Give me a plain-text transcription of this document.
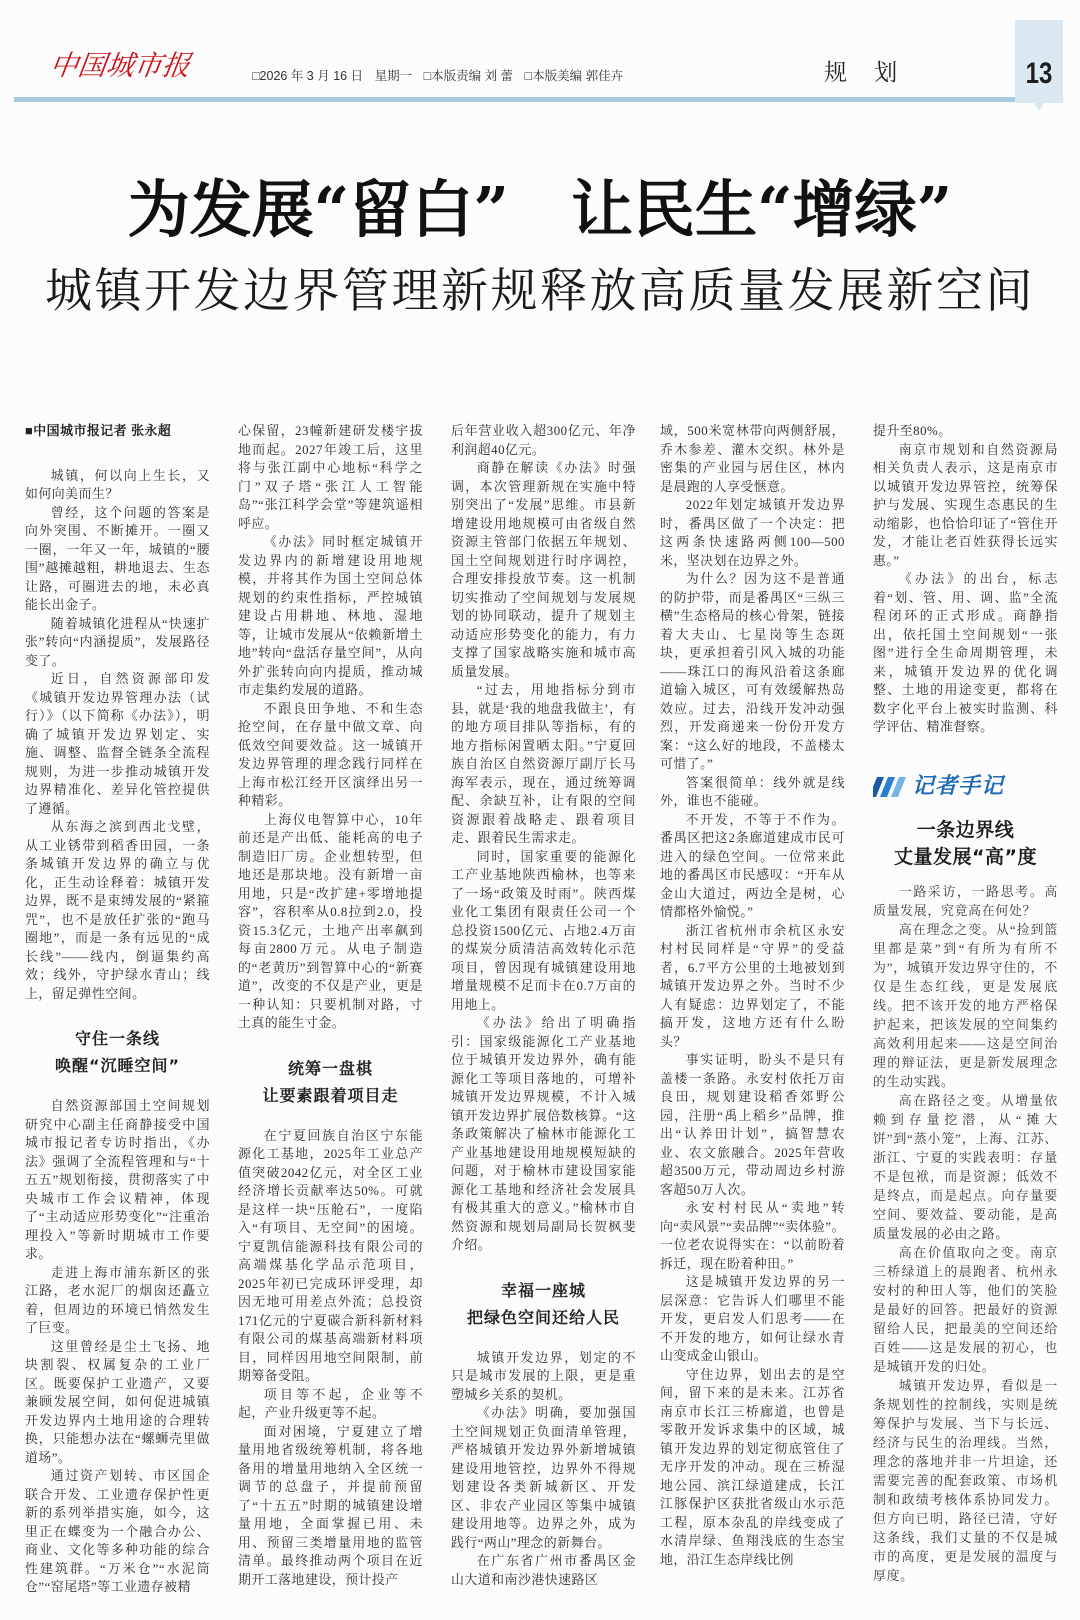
中国城市报	□2026 年 3 月 16 日 星期一 □本版责编 刘 蕾 □本版美编 郭佳卉	规 划	13
为发展“留白”　让民生“增绿”
城镇开发边界管理新规释放高质量发展新空间
■中国城市报记者 张永超

城镇，何以向上生长，又如何向美而生？

曾经，这个问题的答案是向外突围、不断摊开。一圈又一圈，一年又一年，城镇的“腰围”越摊越粗，耕地退去、生态让路，可圈进去的地，未必真能长出金子。

随着城镇化进程从“快速扩张”转向“内涵提质”，发展路径变了。

近日，自然资源部印发《城镇开发边界管理办法（试行）》（以下简称《办法》），明确了城镇开发边界划定、实施、调整、监督全链条全流程规则，为进一步推动城镇开发边界精准化、差异化管控提供了遵循。

从东海之滨到西北戈壁，从工业锈带到稻香田园，一条条城镇开发边界的确立与优化，正生动诠释着：城镇开发边界，既不是束缚发展的“紧箍咒”，也不是放任扩张的“跑马圈地”，而是一条有远见的“成长线”——线内，倒逼集约高效；线外，守护绿水青山；线上，留足弹性空间。

守住一条线
唤醒“沉睡空间”

自然资源部国土空间规划研究中心副主任商静接受中国城市报记者专访时指出，《办法》强调了全流程管理和与“十五五”规划衔接，贯彻落实了中央城市工作会议精神，体现了“主动适应形势变化”“注重治理投入”等新时期城市工作要求。

走进上海市浦东新区的张江路，老水泥厂的烟囱还矗立着，但周边的环境已悄然发生了巨变。

这里曾经是尘土飞扬、地块割裂、权属复杂的工业厂区。既要保护工业遗产，又要兼顾发展空间，如何促进城镇开发边界内土地用途的合理转换，只能想办法在“螺蛳壳里做道场”。

通过资产划转、市区国企联合开发、工业遗存保护性更新的系列举措实施，如今，这里正在蝶变为一个融合办公、商业、文化等多种功能的综合性建筑群。“万米仓”“水泥筒仓”“窑尾塔”等工业遗存被精

心保留，23幢新建研发楼宇拔地而起。2027年竣工后，这里将与张江副中心地标“科学之门”双子塔“张江人工智能岛”“张江科学会堂”等建筑遥相呼应。

《办法》同时框定城镇开发边界内的新增建设用地规模，并将其作为国土空间总体规划的约束性指标，严控城镇建设占用耕地、林地、湿地等，让城市发展从“依赖新增土地”转向“盘活存量空间”，从向外扩张转向向内提质，推动城市走集约发展的道路。

不跟良田争地、不和生态抢空间，在存量中做文章、向低效空间要效益。这一城镇开发边界管理的理念践行同样在上海市松江经开区演绎出另一种精彩。

上海仪电智算中心，10年前还是产出低、能耗高的电子制造旧厂房。企业想转型，但地还是那块地。没有新增一亩用地，只是“改扩建+零增地提容”，容积率从0.8拉到2.0，投资15.3亿元，土地产出率飙到每亩2800万元。从电子制造的“老黄历”到智算中心的“新赛道”，改变的不仅是产业，更是一种认知：只要机制对路，寸土真的能生寸金。

统筹一盘棋
让要素跟着项目走

在宁夏回族自治区宁东能源化工基地，2025年工业总产值突破2042亿元，对全区工业经济增长贡献率达50%。可就是这样一块“压舱石”，一度陷入“有项目、无空间”的困境。宁夏凯信能源科技有限公司的高端煤基化学品示范项目，2025年初已完成环评受理，却因无地可用差点外流；总投资171亿元的宁夏碳合新科新材料有限公司的煤基高端新材料项目，同样因用地空间限制，前期筹备受阻。

项目等不起，企业等不起，产业升级更等不起。

面对困境，宁夏建立了增量用地省级统筹机制，将各地备用的增量用地纳入全区统一调节的总盘子，并提前预留了“十五五”时期的城镇建设增量用地，全面掌握已用、未用、预留三类增量用地的监管清单。最终推动两个项目在近期开工落地建设，预计投产

后年营业收入超300亿元、年净利润超40亿元。

商静在解读《办法》时强调，本次管理新规在实施中特别突出了“发展”思维。市县新增建设用地规模可由省级自然资源主管部门依据五年规划、国土空间规划进行时序调控，合理安排投放节奏。这一机制切实推动了空间规划与发展规划的协同联动，提升了规划主动适应形势变化的能力，有力支撑了国家战略实施和城市高质量发展。

“过去，用地指标分到市县，就是‘我的地盘我做主’，有的地方项目排队等指标，有的地方指标闲置晒太阳。”宁夏回族自治区自然资源厅副厅长马海军表示，现在，通过统筹调配、余缺互补，让有限的空间资源跟着战略走、跟着项目走、跟着民生需求走。

同时，国家重要的能源化工产业基地陕西榆林，也等来了一场“政策及时雨”。陕西煤业化工集团有限责任公司一个总投资1500亿元、占地2.4万亩的煤炭分质清洁高效转化示范项目，曾因现有城镇建设用地增量规模不足而卡在0.7万亩的用地上。

《办法》给出了明确指引：国家级能源化工产业基地位于城镇开发边界外，确有能源化工等项目落地的，可增补城镇开发边界规模，不计入城镇开发边界扩展倍数核算。“这条政策解决了榆林市能源化工产业基地建设用地规模短缺的问题，对于榆林市建设国家能源化工基地和经济社会发展具有极其重大的意义。”榆林市自然资源和规划局副局长贺枫斐介绍。

幸福一座城
把绿色空间还给人民

城镇开发边界，划定的不只是城市发展的上限，更是重塑城乡关系的契机。

《办法》明确，要加强国土空间规划正负面清单管理，严格城镇开发边界外新增城镇建设用地管控，边界外不得规划建设各类新城新区、开发区、非农产业园区等集中城镇建设用地等。边界之外，成为践行“两山”理念的新舞台。

在广东省广州市番禺区金山大道和南沙港快速路区

域，500米宽林带向两侧舒展，乔木参差、灌木交织。林外是密集的产业园与居住区，林内是晨跑的人享受惬意。

2022年划定城镇开发边界时，番禺区做了一个决定：把这两条快速路两侧100—500米，坚决划在边界之外。

为什么？因为这不是普通的防护带，而是番禺区“三纵三横”生态格局的核心骨架，链接着大夫山、七星岗等生态斑块，更承担着引风入城的功能——珠江口的海风沿着这条廊道输入城区，可有效缓解热岛效应。过去，沿线开发冲动强烈，开发商递来一份份开发方案：“这么好的地段，不盖楼太可惜了。”

答案很简单：线外就是线外，谁也不能碰。

不开发，不等于不作为。番禺区把这2条廊道建成市民可进入的绿色空间。一位常来此地的番禺区市民感叹：“开车从金山大道过，两边全是树，心情都格外愉悦。”

浙江省杭州市余杭区永安村村民同样是“守界”的受益者，6.7平方公里的土地被划到城镇开发边界之外。当时不少人有疑虑：边界划定了，不能搞开发，这地方还有什么盼头？

事实证明，盼头不是只有盖楼一条路。永安村依托万亩良田，规划建设稻香郊野公园，注册“禹上稻乡”品牌，推出“认养田计划”，搞智慧农业、农文旅融合。2025年营收超3500万元，带动周边乡村游客超50万人次。

永安村村民从“卖地”转向“卖风景”“卖品牌”“卖体验”。一位老农说得实在：“以前盼着拆迁，现在盼着种田。”

这是城镇开发边界的另一层深意：它告诉人们哪里不能开发，更启发人们思考——在不开发的地方，如何让绿水青山变成金山银山。

守住边界，划出去的是空间，留下来的是未来。江苏省南京市长江三桥廊道，也曾是零散开发诉求集中的区域，城镇开发边界的划定彻底管住了无序开发的冲动。现在三桥湿地公园、滨江绿道建成，长江江豚保护区获批省级山水示范工程，原本杂乱的岸线变成了水清岸绿、鱼翔浅底的生态宝地，沿江生态岸线比例

提升至80%。

南京市规划和自然资源局相关负责人表示，这是南京市以城镇开发边界管控，统筹保护与发展、实现生态惠民的生动缩影，也恰恰印证了“管住开发，才能让老百姓获得长远实惠。”

《办法》的出台，标志着“划、管、用、调、监”全流程闭环的正式形成。商静指出，依托国土空间规划“一张图”进行全生命周期管理，未来，城镇开发边界的优化调整、土地的用途变更，都将在数字化平台上被实时监测、科学评估、精准督察。

记者手记
一条边界线
丈量发展“高”度

一路采访，一路思考。高质量发展，究竟高在何处？

高在理念之变。从“捡到篮里都是菜”到“有所为有所不为”，城镇开发边界守住的，不仅是生态红线，更是发展底线。把不该开发的地方严格保护起来，把该发展的空间集约高效利用起来——这是空间治理的辩证法，更是新发展理念的生动实践。

高在路径之变。从增量依赖到存量挖潜，从“摊大饼”到“蒸小笼”，上海、江苏、浙江、宁夏的实践表明：存量不是包袱，而是资源；低效不是终点，而是起点。向存量要空间、要效益、要动能，是高质量发展的必由之路。

高在价值取向之变。南京三桥绿道上的晨跑者、杭州永安村的种田人等，他们的笑脸是最好的回答。把最好的资源留给人民，把最美的空间还给百姓——这是发展的初心，也是城镇开发的归处。

城镇开发边界，看似是一条规划性的控制线，实则是统筹保护与发展、当下与长远、经济与民生的治理线。当然，理念的落地并非一片坦途，还需要完善的配套政策、市场机制和政绩考核体系协同发力。但方向已明，路径已清，守好这条线，我们丈量的不仅是城市的高度，更是发展的温度与厚度。
